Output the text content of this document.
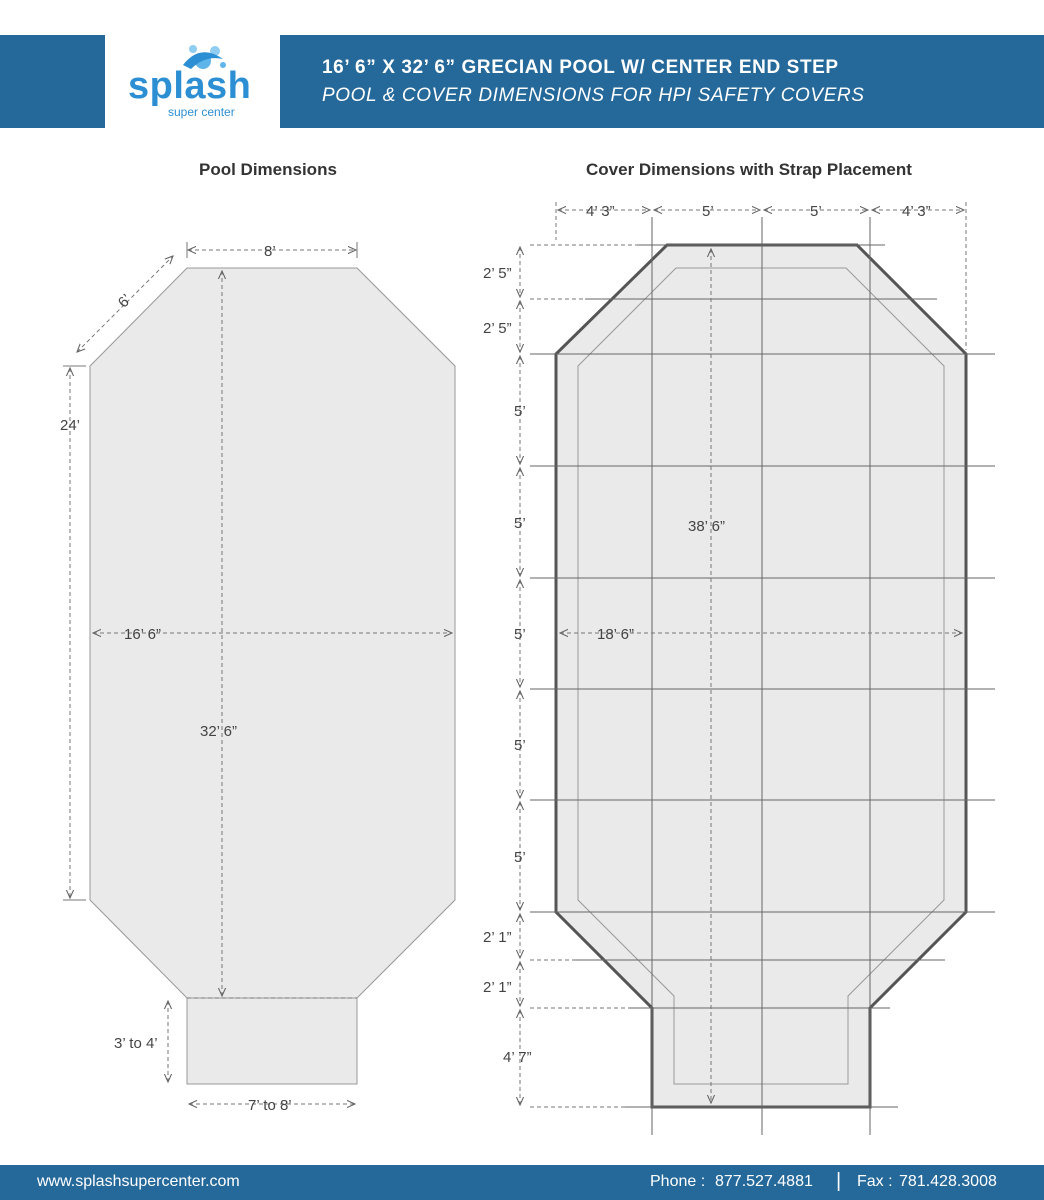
splash
super center
16’ 6” X 32’ 6” GRECIAN POOL W/ CENTER END STEP
POOL & COVER DIMENSIONS FOR HPI SAFETY COVERS
Pool Dimensions	Cover Dimensions with Strap Placement
8’
6’
24’
16’ 6”
32’ 6”
3’ to 4’
7’ to 8’
4’ 3”	5’	5’	4’ 3”
2’ 5”
2’ 5”
5’
5’
5’
5’
5’
2’ 1”
2’ 1”
4’ 7”
38’ 6”
18’ 6”
www.splashsupercenter.com	Phone : 877.527.4881 | Fax : 781.428.3008
